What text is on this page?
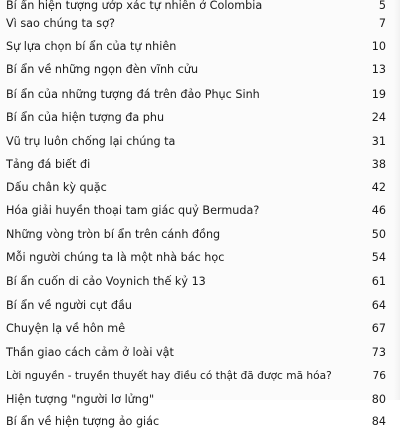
Bí ẩn hiện tượng ướp xác tự nhiên ở Colombia	5
Vì sao chúng ta sợ?	7
Sự lựa chọn bí ẩn của tự nhiên	10
Bí ẩn về những ngọn đèn vĩnh cửu	13
Bí ẩn của những tượng đá trên đảo Phục Sinh	19
Bí ẩn của hiện tượng đa phu	24
Vũ trụ luôn chống lại chúng ta	31
Tảng đá biết đi	38
Dấu chân kỳ quặc	42
Hóa giải huyền thoại tam giác quỷ Bermuda?	46
Những vòng tròn bí ẩn trên cánh đồng	50
Mỗi người chúng ta là một nhà bác học	54
Bí ẩn cuốn di cảo Voynich thế kỷ 13	61
Bí ẩn về người cụt đầu	64
Chuyện lạ về hôn mê	67
Thần giao cách cảm ở loài vật	73
Lời nguyền - truyền thuyết hay điều có thật đã được mã hóa?	76
Hiện tượng "người lơ lửng"	80
Bí ẩn về hiện tượng ảo giác	84
